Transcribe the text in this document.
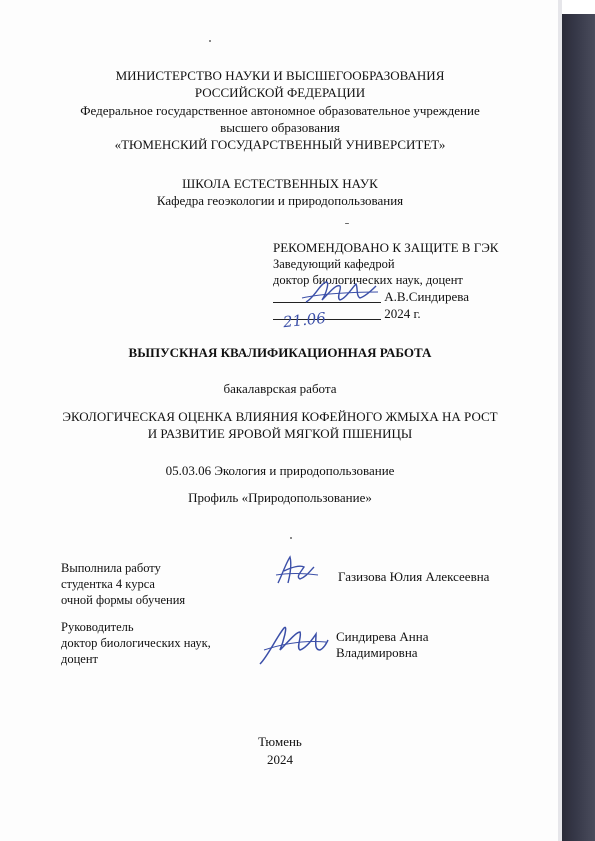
МИНИСТЕРСТВО НАУКИ И ВЫСШЕГООБРАЗОВАНИЯ
РОССИЙСКОЙ ФЕДЕРАЦИИ
Федеральное государственное автономное образовательное учреждение
высшего образования
«ТЮМЕНСКИЙ ГОСУДАРСТВЕННЫЙ УНИВЕРСИТЕТ»
ШКОЛА ЕСТЕСТВЕННЫХ НАУК
Кафедра геоэкологии и природопользования
РЕКОМЕНДОВАНО К ЗАЩИТЕ В ГЭК
Заведующий кафедрой
доктор биологических наук, доцент
А.В.Синдирева
21.06	2024 г.
ВЫПУСКНАЯ КВАЛИФИКАЦИОННАЯ РАБОТА
бакалаврская работа
ЭКОЛОГИЧЕСКАЯ ОЦЕНКА ВЛИЯНИЯ КОФЕЙНОГО ЖМЫХА НА РОСТ
И РАЗВИТИЕ ЯРОВОЙ МЯГКОЙ ПШЕНИЦЫ
05.03.06 Экология и природопользование
Профиль «Природопользование»
Выполнила работу
студентка 4 курса
очной формы обучения
Газизова Юлия Алексеевна
Руководитель
доктор биологических наук,
доцент
Синдирева Анна
Владимировна
Тюмень
2024
